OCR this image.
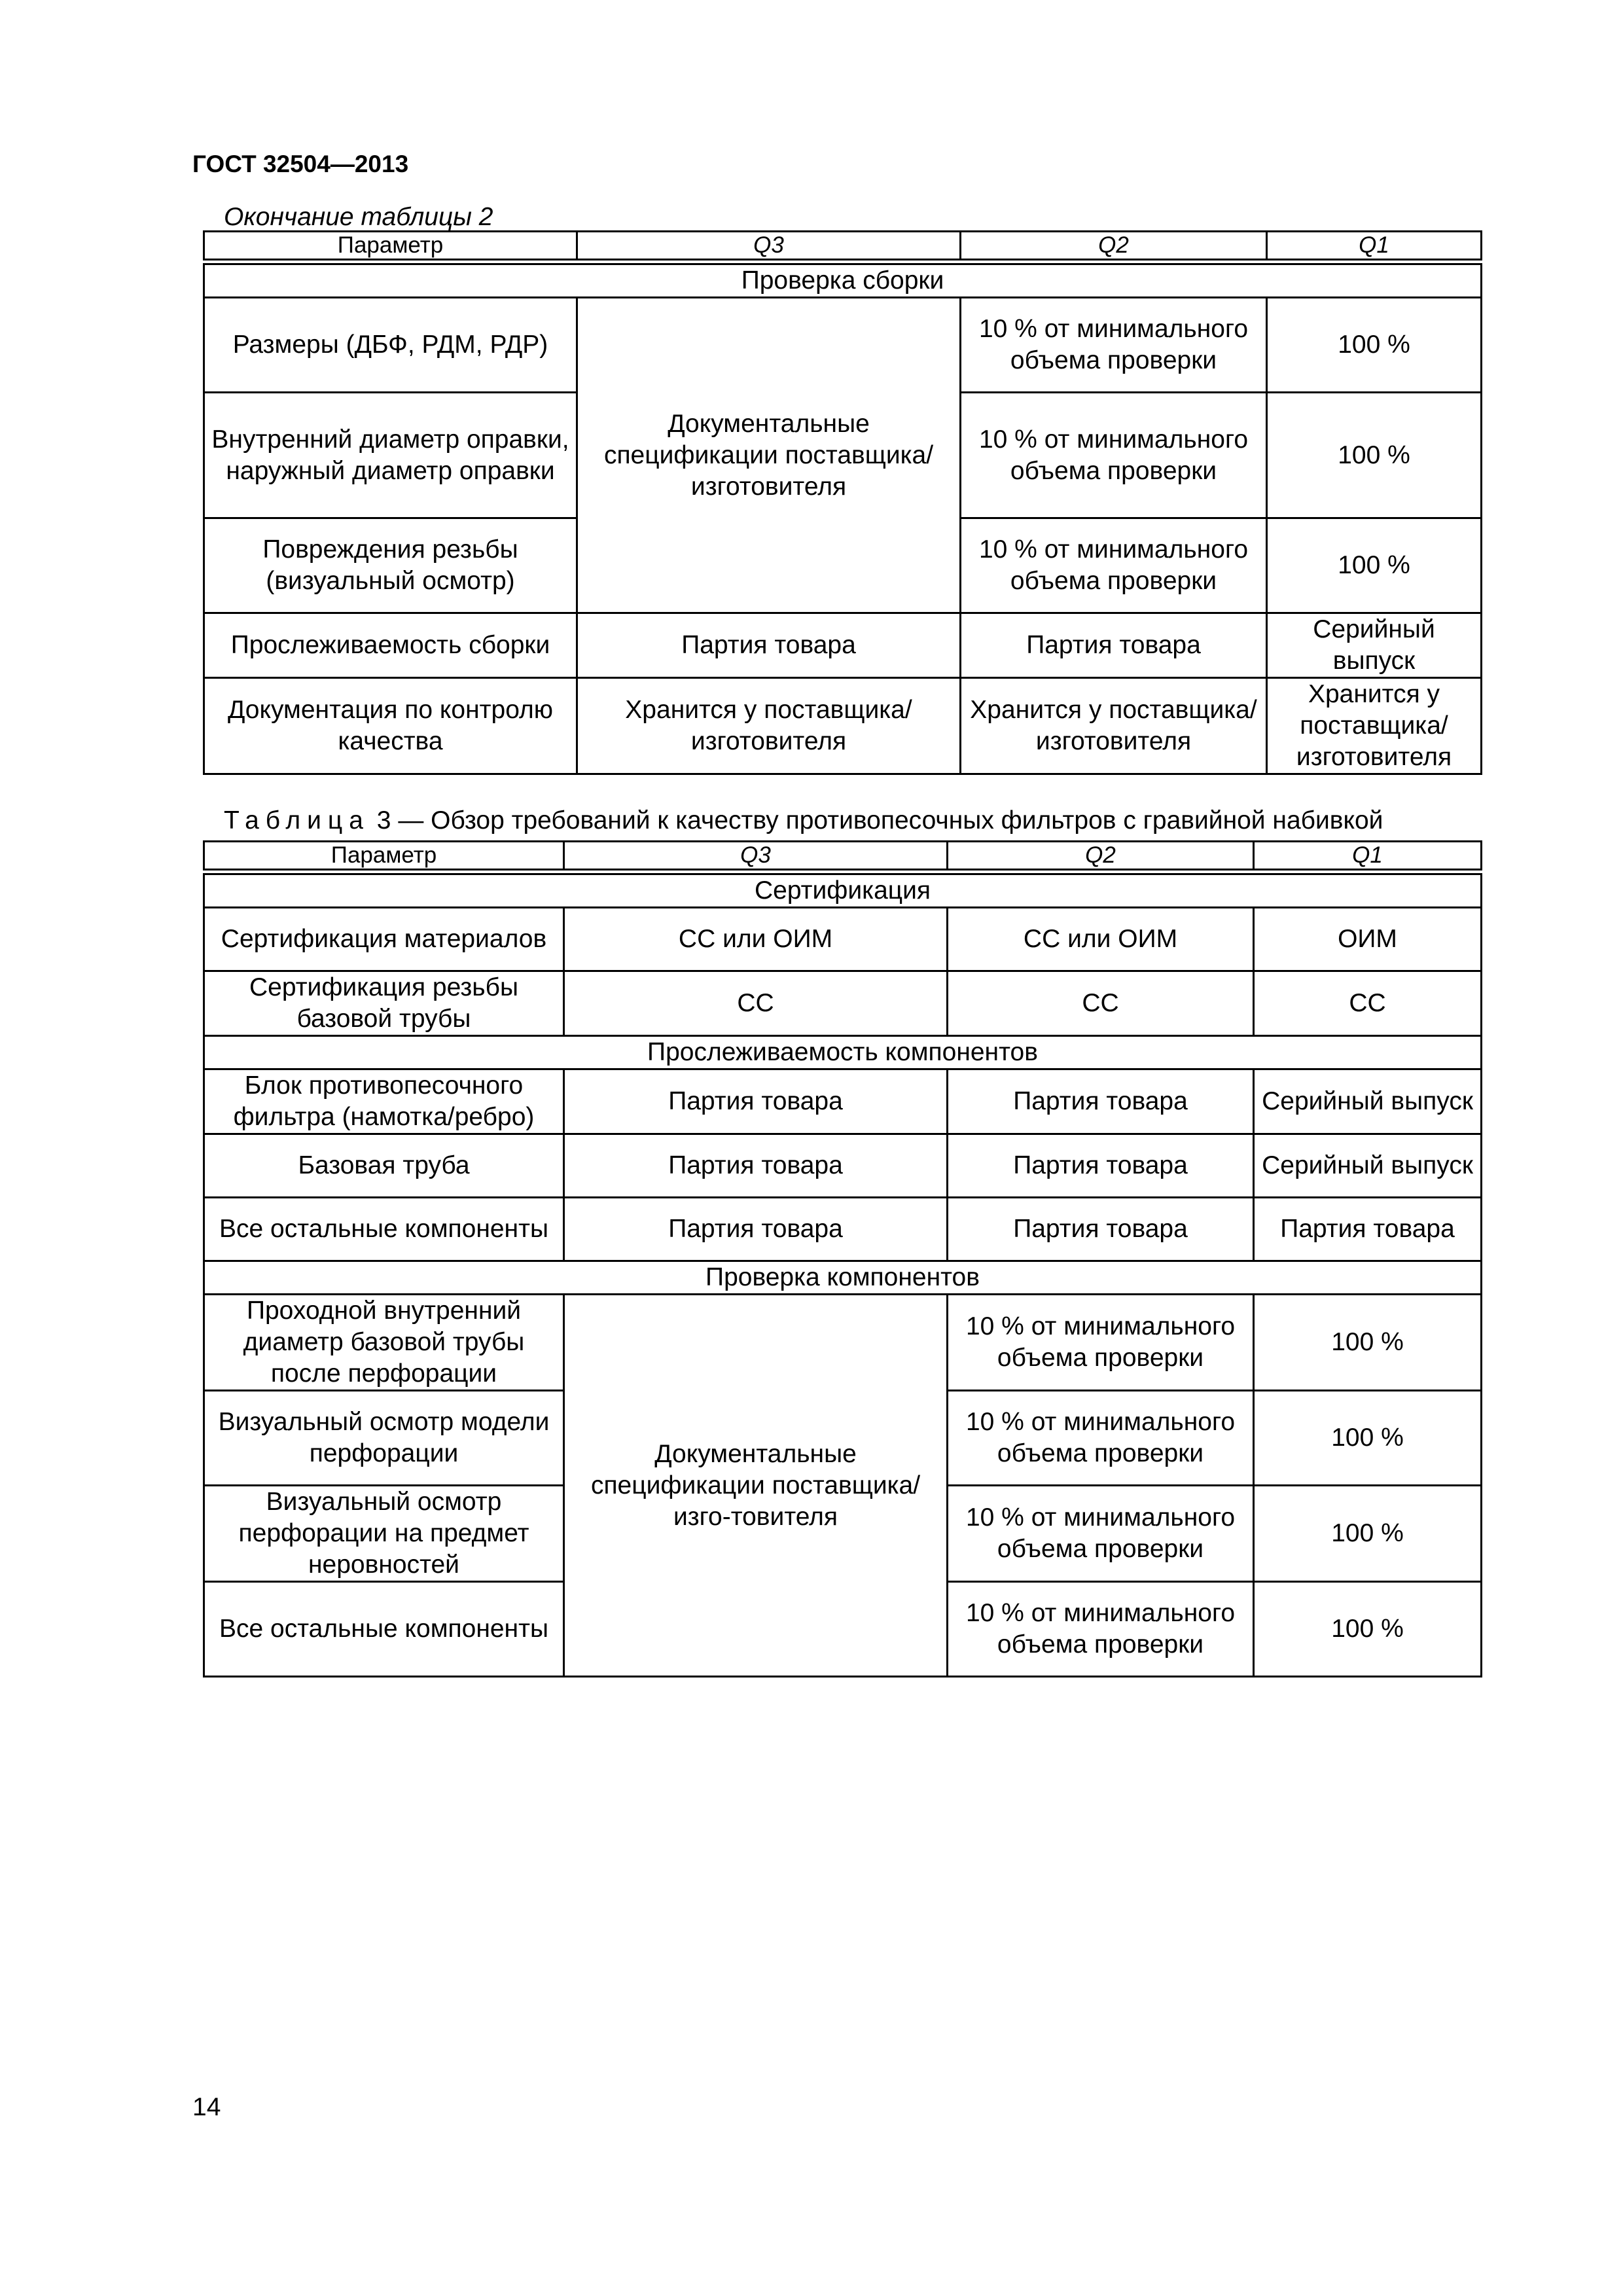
ГОСТ 32504—2013
Окончание таблицы 2
Параметр	Q3	Q2	Q1

Проверка сборки			
Размеры (ДБФ, РДМ, РДР)	Документальные спецификации поставщика/ изготовителя	10 % от минимального объема проверки	100 %
Внутренний диаметр оправки, наружный диаметр оправки		10 % от минимального объема проверки	100 %
Повреждения резьбы (визуальный осмотр)		10 % от минимального объема проверки	100 %
Прослеживаемость сборки	Партия товара	Партия товара	Серийный выпуск
Документация по контролю качества	Хранится у поставщика/ изготовителя	Хранится у поставщика/ изготовителя	Хранится у поставщика/ изготовителя
Таблица 3 — Обзор требований к качеству противопесочных фильтров с гравийной набивкой
Параметр	Q3	Q2	Q1

Сертификация			
Сертификация материалов	СС или ОИМ	СС или ОИМ	ОИМ
Сертификация резьбы базовой трубы	СС	СС	СС
Прослеживаемость компонентов			
Блок противопесочного фильтра (намотка/ребро)	Партия товара	Партия товара	Серийный выпуск
Базовая труба	Партия товара	Партия товара	Серийный выпуск
Все остальные компоненты	Партия товара	Партия товара	Партия товара
Проверка компонентов			
Проходной внутренний диаметр базовой трубы после перфорации	Документальные спецификации поставщика/изго-товителя	10 % от минимального объема проверки	100 %
Визуальный осмотр модели перфорации		10 % от минимального объема проверки	100 %
Визуальный осмотр перфорации на предмет неровностей		10 % от минимального объема проверки	100 %
Все остальные компоненты		10 % от минимального объема проверки	100 %
14
